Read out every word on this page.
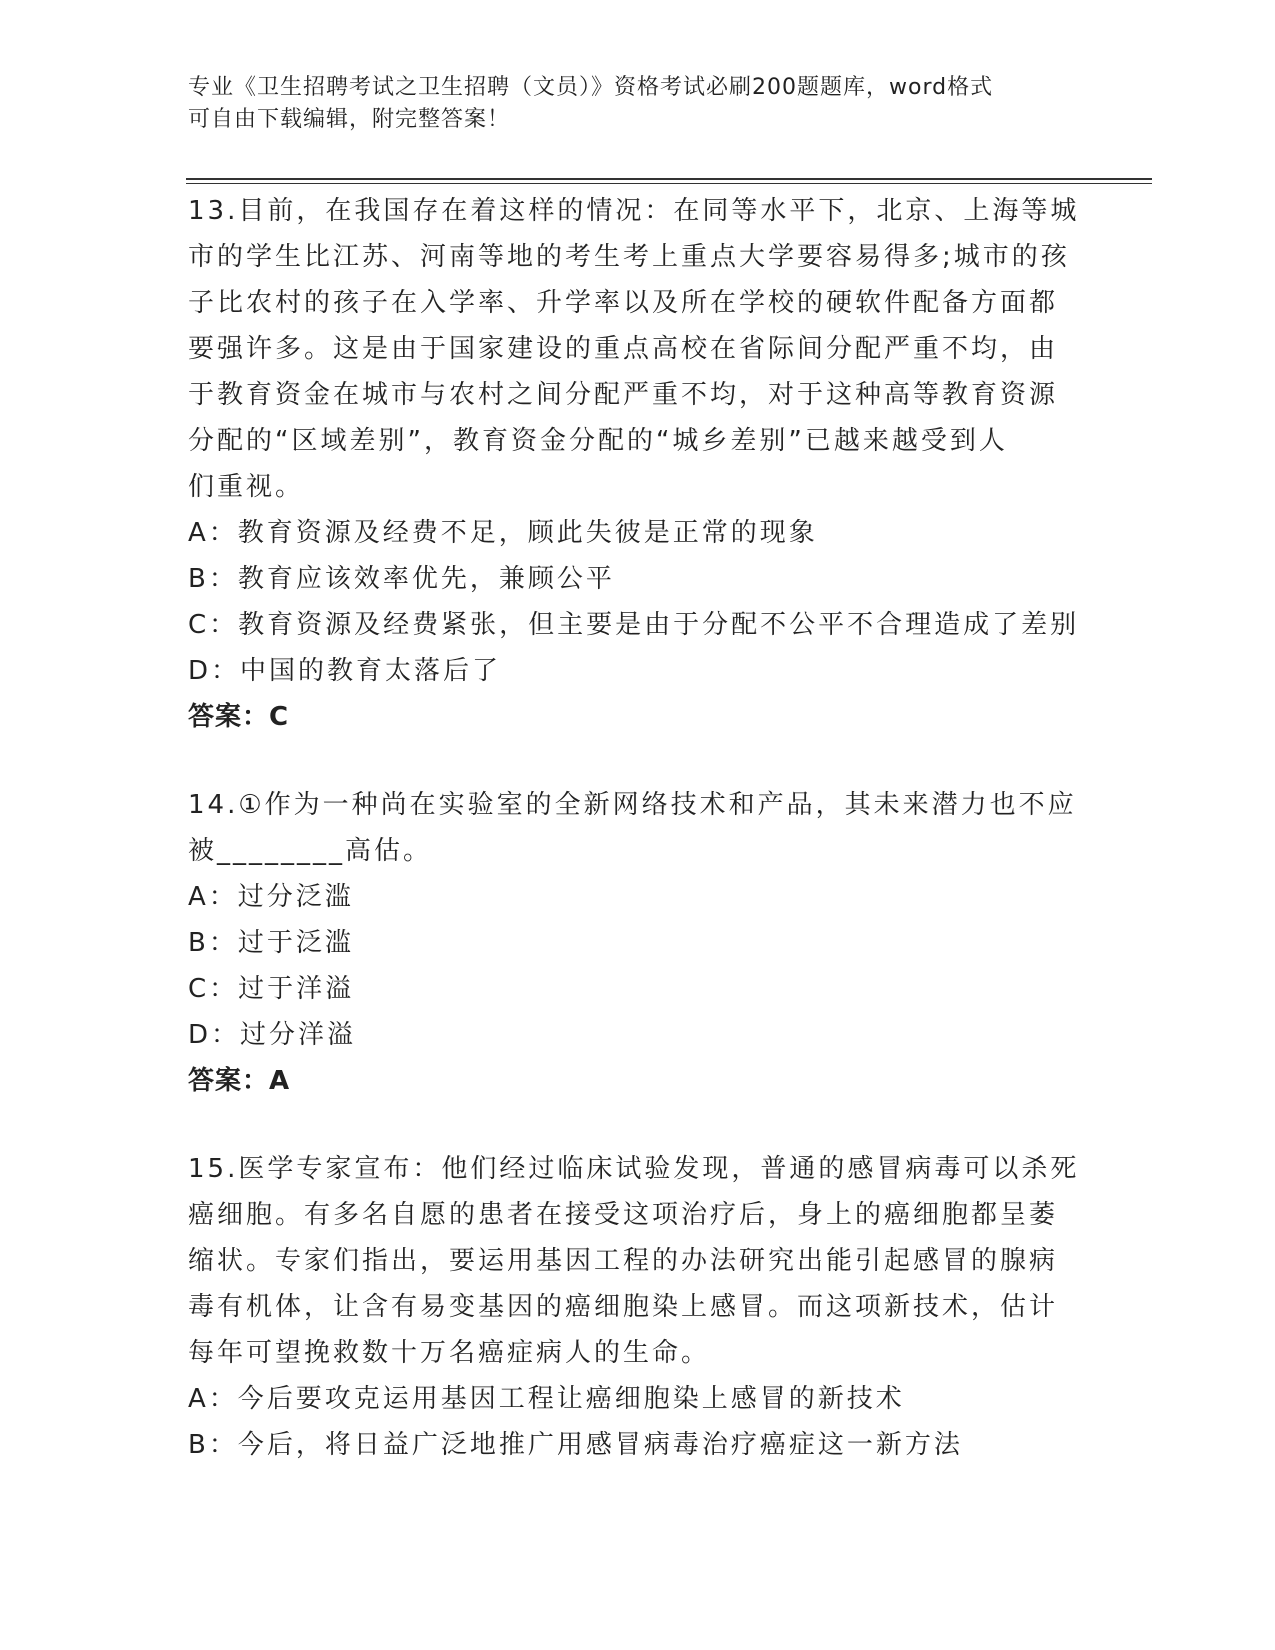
专业《卫生招聘考试之卫生招聘（文员）》资格考试必刷200题题库，word格式
可自由下载编辑，附完整答案！

13.目前，在我国存在着这样的情况：在同等水平下，北京、上海等城

市的学生比江苏、河南等地的考生考上重点大学要容易得多;城市的孩

子比农村的孩子在入学率、升学率以及所在学校的硬软件配备方面都

要强许多。这是由于国家建设的重点高校在省际间分配严重不均，由

于教育资金在城市与农村之间分配严重不均，对于这种高等教育资源

分配的“区域差别”，教育资金分配的“城乡差别”已越来越受到人

们重视。

A：教育资源及经费不足，顾此失彼是正常的现象

B：教育应该效率优先，兼顾公平

C：教育资源及经费紧张，但主要是由于分配不公平不合理造成了差别

D：中国的教育太落后了

答案：C

14.①作为一种尚在实验室的全新网络技术和产品，其未来潜力也不应

被________高估。

A：过分泛滥

B：过于泛滥

C：过于洋溢

D：过分洋溢

答案：A

15.医学专家宣布：他们经过临床试验发现，普通的感冒病毒可以杀死

癌细胞。有多名自愿的患者在接受这项治疗后，身上的癌细胞都呈萎

缩状。专家们指出，要运用基因工程的办法研究出能引起感冒的腺病

毒有机体，让含有易变基因的癌细胞染上感冒。而这项新技术，估计

每年可望挽救数十万名癌症病人的生命。

A：今后要攻克运用基因工程让癌细胞染上感冒的新技术

B：今后，将日益广泛地推广用感冒病毒治疗癌症这一新方法
